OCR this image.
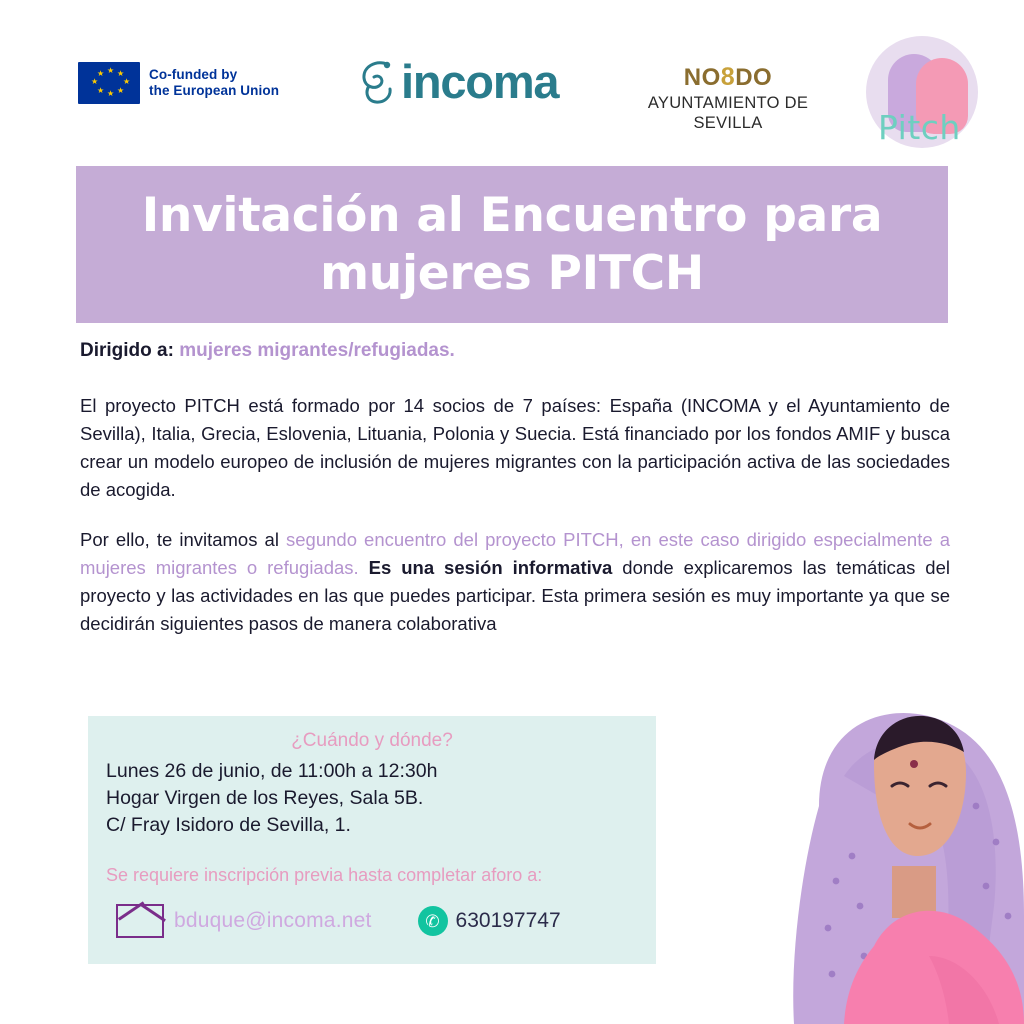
★ ★
★
★
★
★
★
★	Co-funded by
the European Union	incoma	NO8DO
AYUNTAMIENTO DE SEVILLA	Pitch
Invitación al Encuentro para mujeres PITCH
Dirigido a: mujeres migrantes/refugiadas.

El proyecto PITCH está formado por 14 socios de 7 países: España (INCOMA y el Ayuntamiento de Sevilla), Italia, Grecia, Eslovenia, Lituania, Polonia y Suecia. Está financiado por los fondos AMIF y busca crear un modelo europeo de inclusión de mujeres migrantes con la participación activa de las sociedades de acogida.

Por ello, te invitamos al segundo encuentro del proyecto PITCH, en este caso dirigido especialmente a mujeres migrantes o refugiadas. Es una sesión informativa donde explicaremos las temáticas del proyecto y las actividades en las que puedes participar. Esta primera sesión es muy importante ya que se decidirán siguientes pasos de manera colaborativa

¿Cuándo y dónde?
Lunes 26 de junio, de 11:00h a 12:30h
Hogar Virgen de los Reyes, Sala 5B.
C/ Fray Isidoro de Sevilla, 1.
Se requiere inscripción previa hasta completar aforo a:
bduque@incoma.net	✆ 630197747
